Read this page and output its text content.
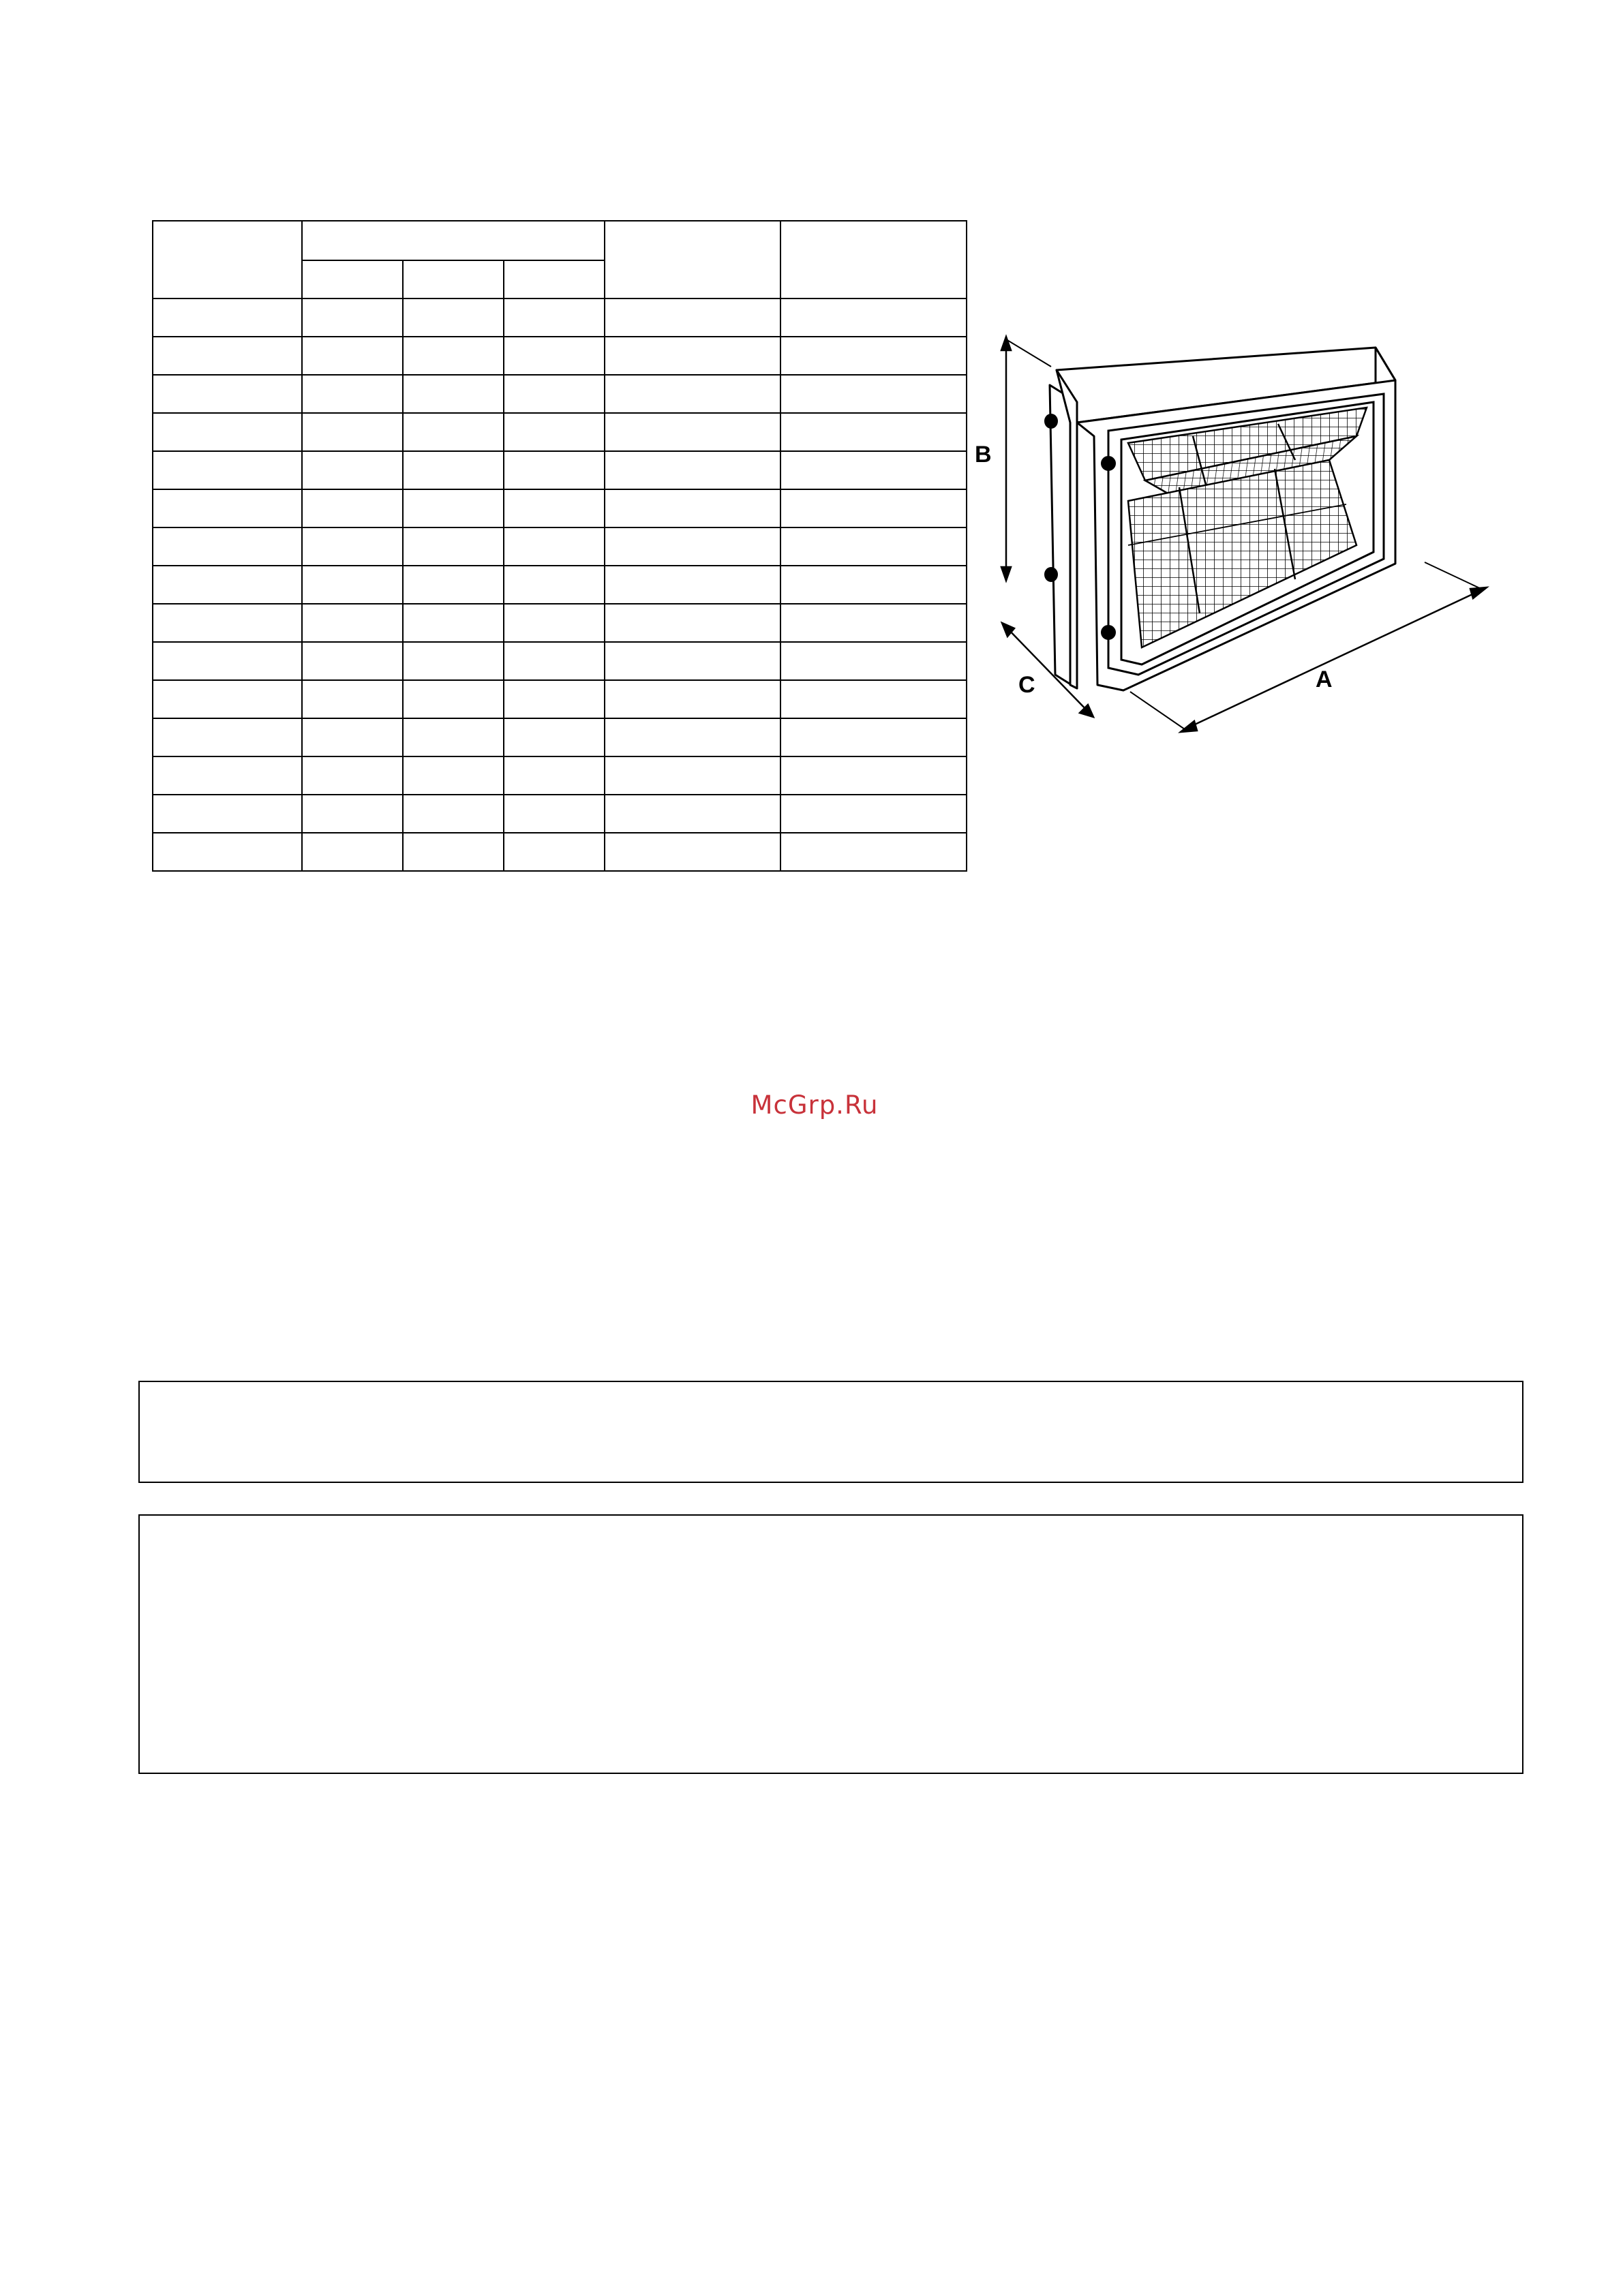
B
C	A
McGrp.Ru
